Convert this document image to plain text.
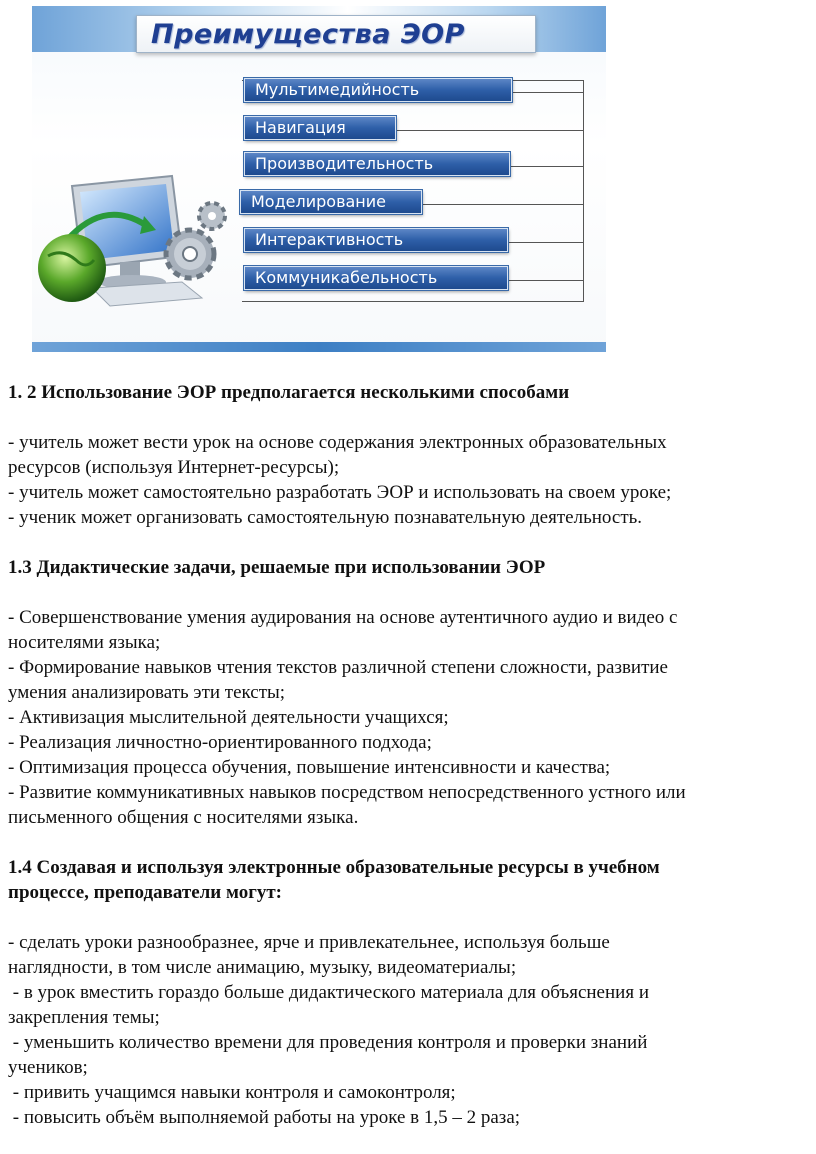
Преимущества ЭОР
Мультимедийность
Навигация
Производительность
Моделирование
Интерактивность
Коммуникабельность

1. 2 Использование ЭОР предполагается несколькими способами

- учитель может вести урок на основе содержания электронных образовательных

ресурсов (используя Интернет-ресурсы);

- учитель может самостоятельно разработать ЭОР и использовать на своем уроке;

- ученик может организовать самостоятельную познавательную деятельность.

1.3 Дидактические задачи, решаемые при использовании ЭОР

- Совершенствование умения аудирования на основе аутентичного аудио и видео с

носителями языка;

- Формирование навыков чтения текстов различной степени сложности, развитие

умения анализировать эти тексты;

- Активизация мыслительной деятельности учащихся;

- Реализация личностно-ориентированного подхода;

- Оптимизация процесса обучения, повышение интенсивности и качества;

- Развитие коммуникативных навыков посредством непосредственного устного или

письменного общения с носителями языка.

1.4 Создавая и используя электронные образовательные ресурсы в учебном

процессе, преподаватели могут:

- сделать уроки разнообразнее, ярче и привлекательнее, используя больше

наглядности, в том числе анимацию, музыку, видеоматериалы;

- в урок вместить гораздо больше дидактического материала для объяснения и

закрепления темы;

- уменьшить количество времени для проведения контроля и проверки знаний

учеников;

- привить учащимся навыки контроля и самоконтроля;

- повысить объём выполняемой работы на уроке в 1,5 – 2 раза;
